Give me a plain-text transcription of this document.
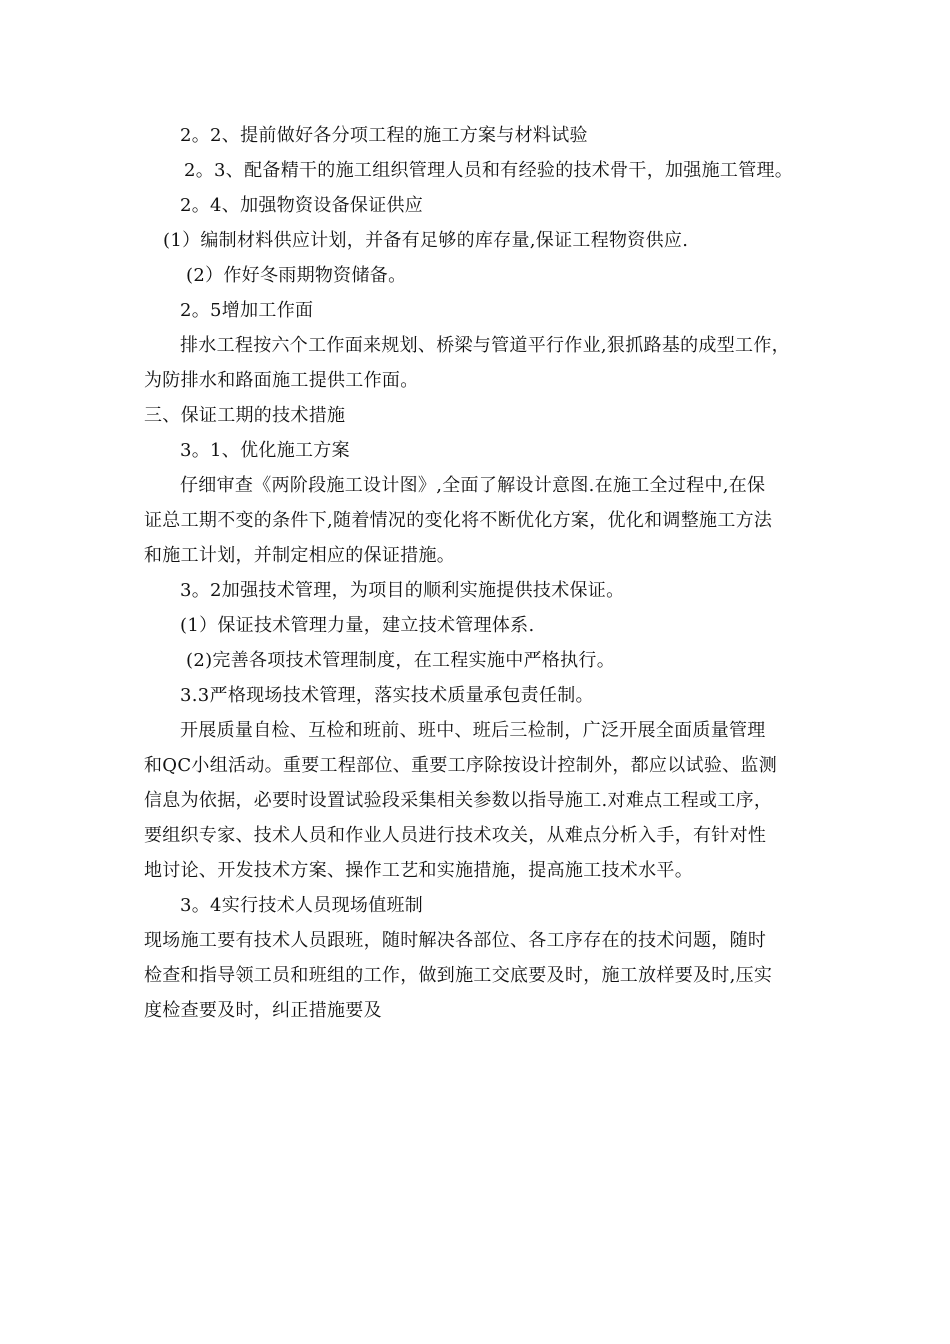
2。2、提前做好各分项工程的施工方案与材料试验
2。3、配备精干的施工组织管理人员和有经验的技术骨干，加强施工管理。
2。4、加强物资设备保证供应
(1）编制材料供应计划，并备有足够的库存量,保证工程物资供应.
(2）作好冬雨期物资储备。
2。5增加工作面
排水工程按六个工作面来规划、桥梁与管道平行作业,狠抓路基的成型工作，
为防排水和路面施工提供工作面。
三、保证工期的技术措施
3。1、优化施工方案
仔细审查《两阶段施工设计图》,全面了解设计意图.在施工全过程中,在保
证总工期不变的条件下,随着情况的变化将不断优化方案，优化和调整施工方法
和施工计划，并制定相应的保证措施。
3。2加强技术管理，为项目的顺利实施提供技术保证。
(1）保证技术管理力量，建立技术管理体系.
(2)完善各项技术管理制度，在工程实施中严格执行。
3.3严格现场技术管理，落实技术质量承包责任制。
开展质量自检、互检和班前、班中、班后三检制，广泛开展全面质量管理
和QC小组活动。重要工程部位、重要工序除按设计控制外，都应以试验、监测
信息为依据，必要时设置试验段采集相关参数以指导施工.对难点工程或工序，
要组织专家、技术人员和作业人员进行技术攻关，从难点分析入手，有针对性
地讨论、开发技术方案、操作工艺和实施措施，提高施工技术水平。
3。4实行技术人员现场值班制
现场施工要有技术人员跟班，随时解决各部位、各工序存在的技术问题，随时
检查和指导领工员和班组的工作，做到施工交底要及时，施工放样要及时,压实
度检查要及时，纠正措施要及
